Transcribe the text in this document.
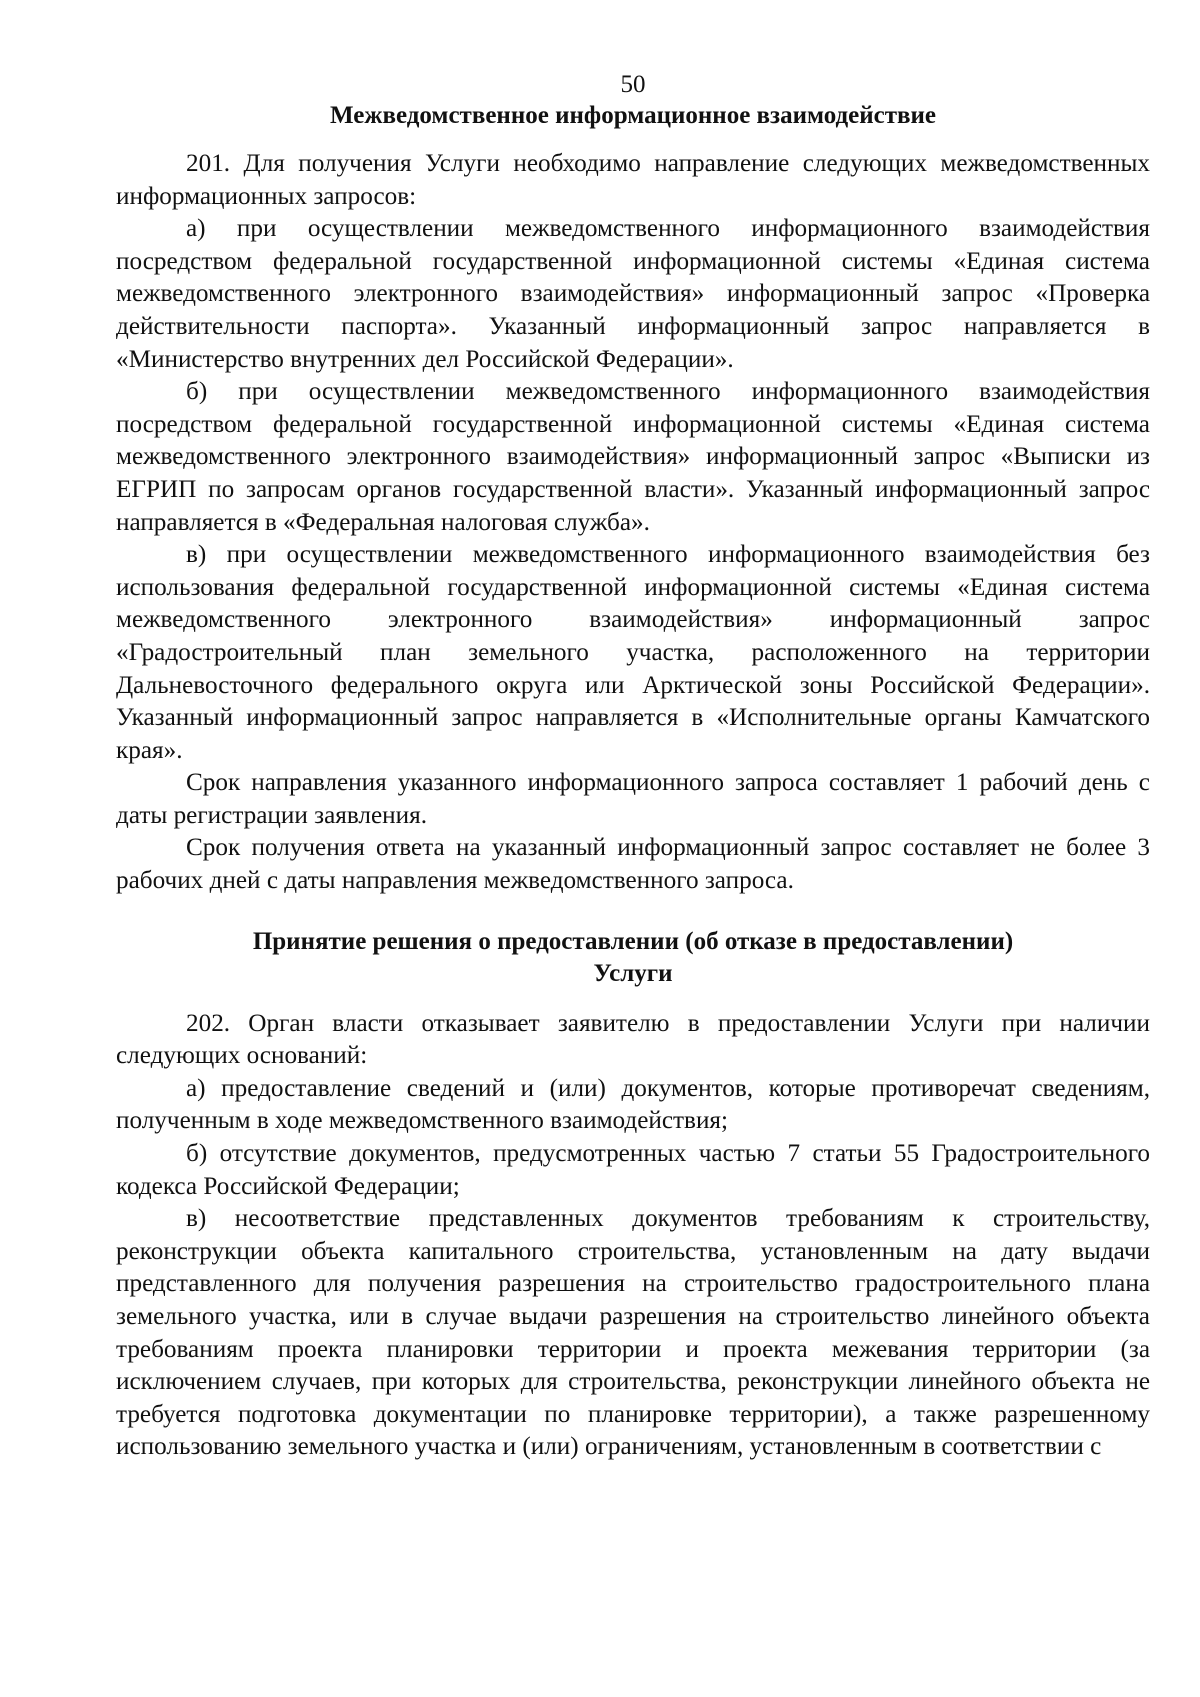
50

Межведомственное информационное взаимодействие

201. Для получения Услуги необходимо направление следующих межведомственных информационных запросов:

а) при осуществлении межведомственного информационного взаимодействия посредством федеральной государственной информационной системы «Единая система межведомственного электронного взаимодействия» информационный запрос «Проверка действительности паспорта». Указанный информационный запрос направляется в «Министерство внутренних дел Российской Федерации».

б) при осуществлении межведомственного информационного взаимодействия посредством федеральной государственной информационной системы «Единая система межведомственного электронного взаимодействия» информационный запрос «Выписки из ЕГРИП по запросам органов государственной власти». Указанный информационный запрос направляется в «Федеральная налоговая служба».

в) при осуществлении межведомственного информационного взаимодействия без использования федеральной государственной информационной системы «Единая система межведомственного электронного взаимодействия» информационный запрос «Градостроительный план земельного участка, расположенного на территории Дальневосточного федерального округа или Арктической зоны Российской Федерации». Указанный информационный запрос направляется в «Исполнительные органы Камчатского края».

Срок направления указанного информационного запроса составляет 1 рабочий день с даты регистрации заявления.

Срок получения ответа на указанный информационный запрос составляет не более 3 рабочих дней с даты направления межведомственного запроса.

Принятие решения о предоставлении (об отказе в предоставлении)
Услуги

202. Орган власти отказывает заявителю в предоставлении Услуги при наличии следующих оснований:

а) предоставление сведений и (или) документов, которые противоречат сведениям, полученным в ходе межведомственного взаимодействия;

б) отсутствие документов, предусмотренных частью 7 статьи 55 Градостроительного кодекса Российской Федерации;

в) несоответствие представленных документов требованиям к строительству, реконструкции объекта капитального строительства, установленным на дату выдачи представленного для получения разрешения на строительство градостроительного плана земельного участка, или в случае выдачи разрешения на строительство линейного объекта требованиям проекта планировки территории и проекта межевания территории (за исключением случаев, при которых для строительства, реконструкции линейного объекта не требуется подготовка документации по планировке территории), а также разрешенному использованию земельного участка и (или) ограничениям, установленным в соответствии с
